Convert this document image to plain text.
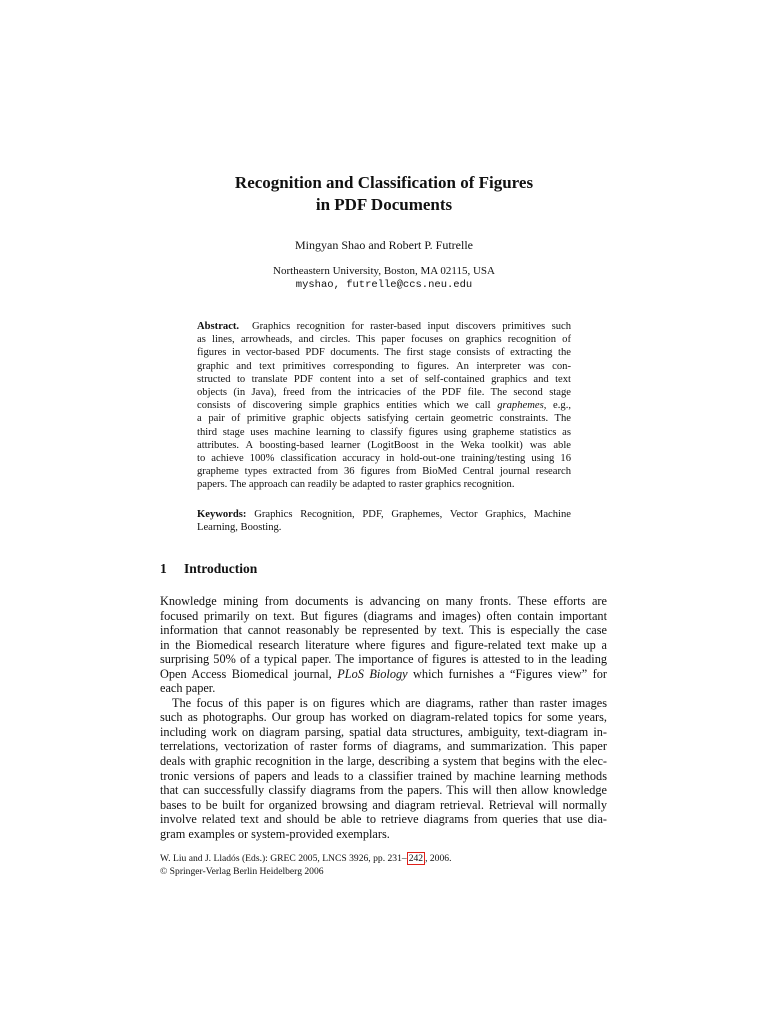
Recognition and Classification of Figures
in PDF Documents
Mingyan Shao and Robert P. Futrelle
Northeastern University, Boston, MA 02115, USA
myshao, futrelle@ccs.neu.edu
Abstract. Graphics recognition for raster-based input discovers primitives such
as lines, arrowheads, and circles. This paper focuses on graphics recognition of
figures in vector-based PDF documents. The first stage consists of extracting the
graphic and text primitives corresponding to figures. An interpreter was con-
structed to translate PDF content into a set of self-contained graphics and text
objects (in Java), freed from the intricacies of the PDF file. The second stage
consists of discovering simple graphics entities which we call graphemes, e.g.,
a pair of primitive graphic objects satisfying certain geometric constraints. The
third stage uses machine learning to classify figures using grapheme statistics as
attributes. A boosting-based learner (LogitBoost in the Weka toolkit) was able
to achieve 100% classification accuracy in hold-out-one training/testing using 16
grapheme types extracted from 36 figures from BioMed Central journal research
papers. The approach can readily be adapted to raster graphics recognition.
Keywords: Graphics Recognition, PDF, Graphemes, Vector Graphics, Machine
Learning, Boosting.
1 Introduction
Knowledge mining from documents is advancing on many fronts. These efforts are
focused primarily on text. But figures (diagrams and images) often contain important
information that cannot reasonably be represented by text. This is especially the case
in the Biomedical research literature where figures and figure-related text make up a
surprising 50% of a typical paper. The importance of figures is attested to in the leading
Open Access Biomedical journal, PLoS Biology which furnishes a “Figures view” for
each paper.
The focus of this paper is on figures which are diagrams, rather than raster images
such as photographs. Our group has worked on diagram-related topics for some years,
including work on diagram parsing, spatial data structures, ambiguity, text-diagram in-
terrelations, vectorization of raster forms of diagrams, and summarization. This paper
deals with graphic recognition in the large, describing a system that begins with the elec-
tronic versions of papers and leads to a classifier trained by machine learning methods
that can successfully classify diagrams from the papers. This will then allow knowledge
bases to be built for organized browsing and diagram retrieval. Retrieval will normally
involve related text and should be able to retrieve diagrams from queries that use dia-
gram examples or system-provided exemplars.
W. Liu and J. Lladós (Eds.): GREC 2005, LNCS 3926, pp. 231– 242 , 2006.
© Springer-Verlag Berlin Heidelberg 2006
